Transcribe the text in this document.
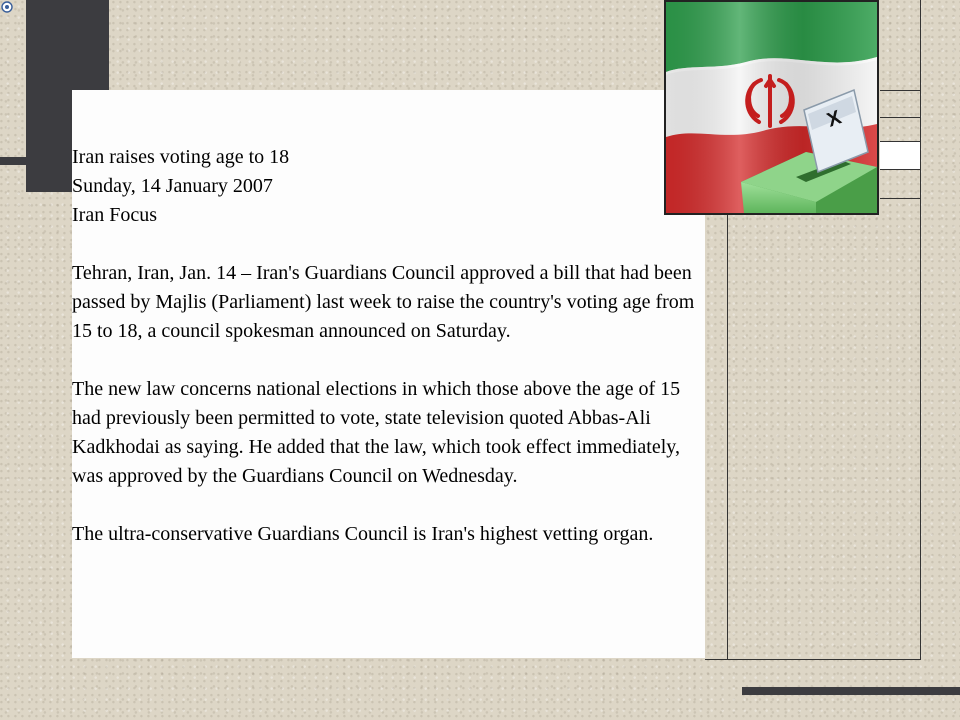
Iran raises voting age to 18

Sunday, 14 January 2007

Iran Focus

Tehran, Iran, Jan. 14 – Iran's Guardians Council approved a bill that had been passed by Majlis (Parliament) last week to raise the country's voting age from 15 to 18, a council spokesman announced on Saturday.

The new law concerns national elections in which those above the age of 15 had previously been permitted to vote, state television quoted Abbas-Ali Kadkhodai as saying. He added that the law, which took effect immediately, was approved by the Guardians Council on Wednesday.

The ultra-conservative Guardians Council is Iran's highest vetting organ.

X
